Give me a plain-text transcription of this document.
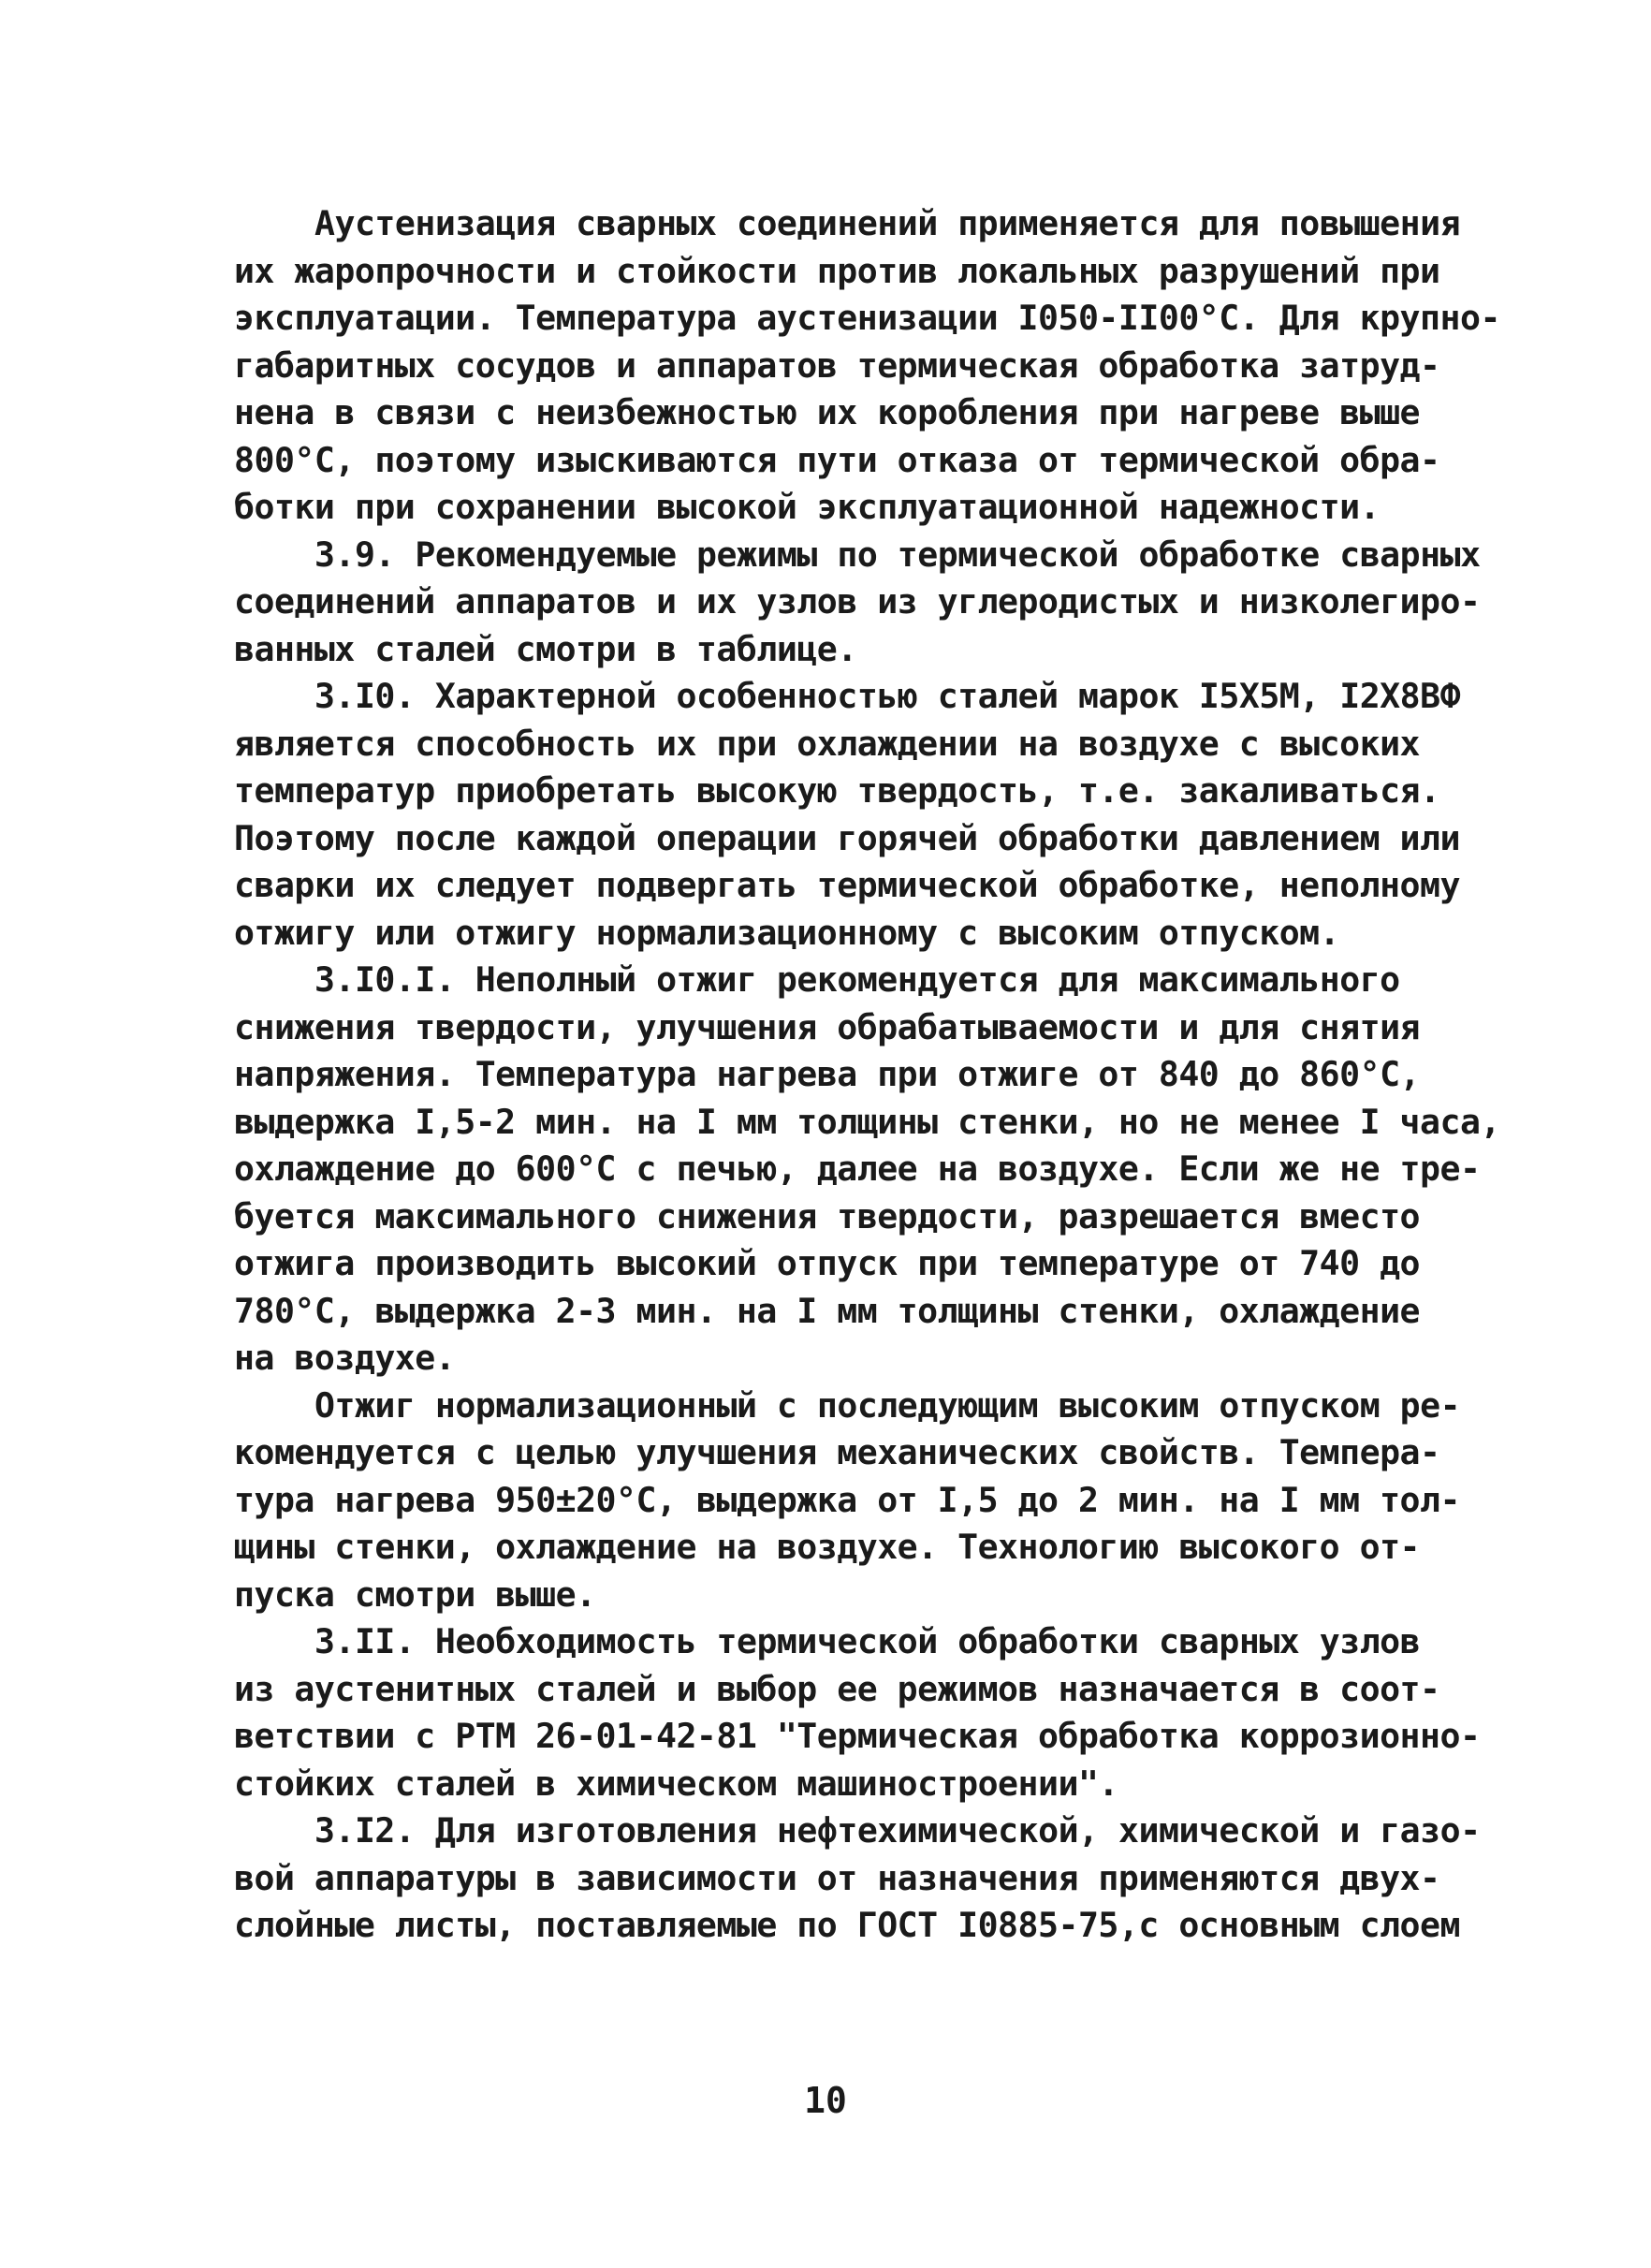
Аустенизация сварных соединений применяется для повышения
их жаропрочности и стойкости против локальных разрушений при
эксплуатации. Температура аустенизации I050-II00°C. Для крупно-
габаритных сосудов и аппаратов термическая обработка затруд-
нена в связи с неизбежностью их коробления при нагреве выше
800°C, поэтому изыскиваются пути отказа от термической обра-
ботки при сохранении высокой эксплуатационной надежности.
3.9. Рекомендуемые режимы по термической обработке сварных
соединений аппаратов и их узлов из углеродистых и низколегиро-
ванных сталей смотри в таблице.
3.I0. Характерной особенностью сталей марок I5X5M, I2X8ВФ
является способность их при охлаждении на воздухе с высоких
температур приобретать высокую твердость, т.е. закаливаться.
Поэтому после каждой операции горячей обработки давлением или
сварки их следует подвергать термической обработке, неполному
отжигу или отжигу нормализационному с высоким отпуском.
3.I0.I. Неполный отжиг рекомендуется для максимального
снижения твердости, улучшения обрабатываемости и для снятия
напряжения. Температура нагрева при отжиге от 840 до 860°C,
выдержка I,5-2 мин. на I мм толщины стенки, но не менее I часа,
охлаждение до 600°C с печью, далее на воздухе. Если же не тре-
буется максимального снижения твердости, разрешается вместо
отжига производить высокий отпуск при температуре от 740 до
780°C, выдержка 2-3 мин. на I мм толщины стенки, охлаждение
на воздухе.
Отжиг нормализационный с последующим высоким отпуском ре-
комендуется с целью улучшения механических свойств. Темпера-
тура нагрева 950±20°C, выдержка от I,5 до 2 мин. на I мм тол-
щины стенки, охлаждение на воздухе. Технологию высокого от-
пуска смотри выше.
3.II. Необходимость термической обработки сварных узлов
из аустенитных сталей и выбор ее режимов назначается в соот-
ветствии с РТМ 26-01-42-81 "Термическая обработка коррозионно-
стойких сталей в химическом машиностроении".
3.I2. Для изготовления нефтехимической, химической и газо-
вой аппаратуры в зависимости от назначения применяются двух-
слойные листы, поставляемые по ГОСТ I0885-75,с основным слоем
10
